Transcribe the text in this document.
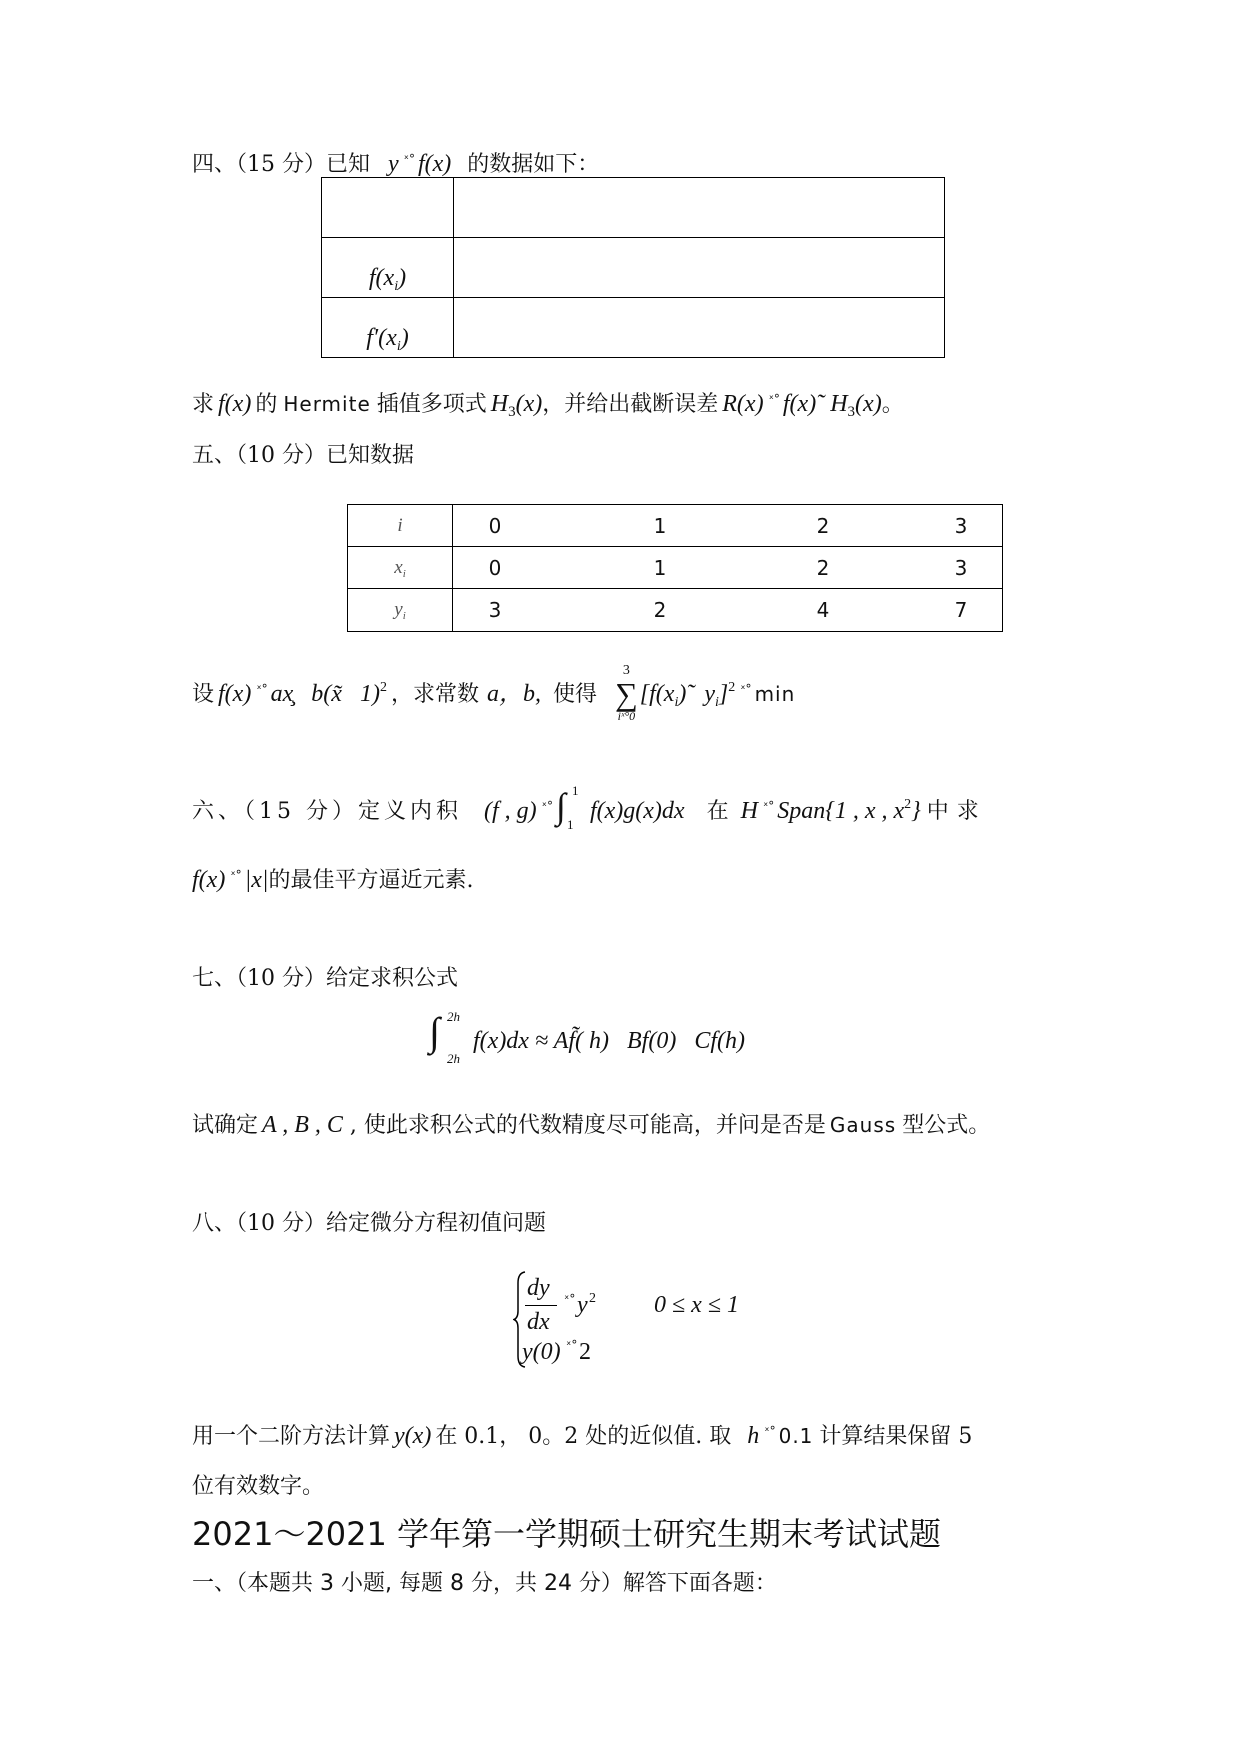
四、（15 分）已知 y $^{ˣ^\circ}$ f(x) 的数据如下：

f(xi)	
f′(xi)	
求 f(x) 的 Hermite 插值多项式 $H_3(x)$，并给出截断误差 R(x) $^{ˣ^\circ}$ f(x)̃ $H_3(x)$。
五、（10 分）已知数据
i	0	1	2	3
$x_i$	0	1	2	3
$y_i$	3	2	4	7
设 f(x) $^{ˣ^\circ}$ ax̧   b(x̃   1)$^2$ ，求常数 a，b, 使得
3
∑
iˣ°0
[$f(x_i)̃$   $y_i]^2$ $^{ˣ^\circ}$ min
六、（15 分）定义内积 (f , g) $^{ˣ^\circ}$ ∫ 1
1
f(x)g(x)dx 在 H $^{ˣ^\circ}$ Span{1 , x , $x^2$} 中求
f(x) $^{ˣ^\circ}$ |x|的最佳平方逼近元素.
七、（10 分）给定求积公式
∫ 2h
2h
f(x)dx ≈ Af̃( h)   Bf(0)   Cf(h)
试确定 A , B , C , 使此求积公式的代数精度尽可能高，并问是否是 Gauss 型公式。
八、（10 分）给定微分方程初值问题
dy
dx
ˣ° y 2 0 ≤ x ≤ 1
y(0) ˣ° 2
用一个二阶方法计算 y(x) 在 0.1， 0。2 处的近似值. 取 h $^{ˣ^\circ}$ 0.1 计算结果保留 5
位有效数字。
2021～2021 学年第一学期硕士研究生期末考试试题
一、（本题共 3 小题, 每题 8 分，共 24 分）解答下面各题：
